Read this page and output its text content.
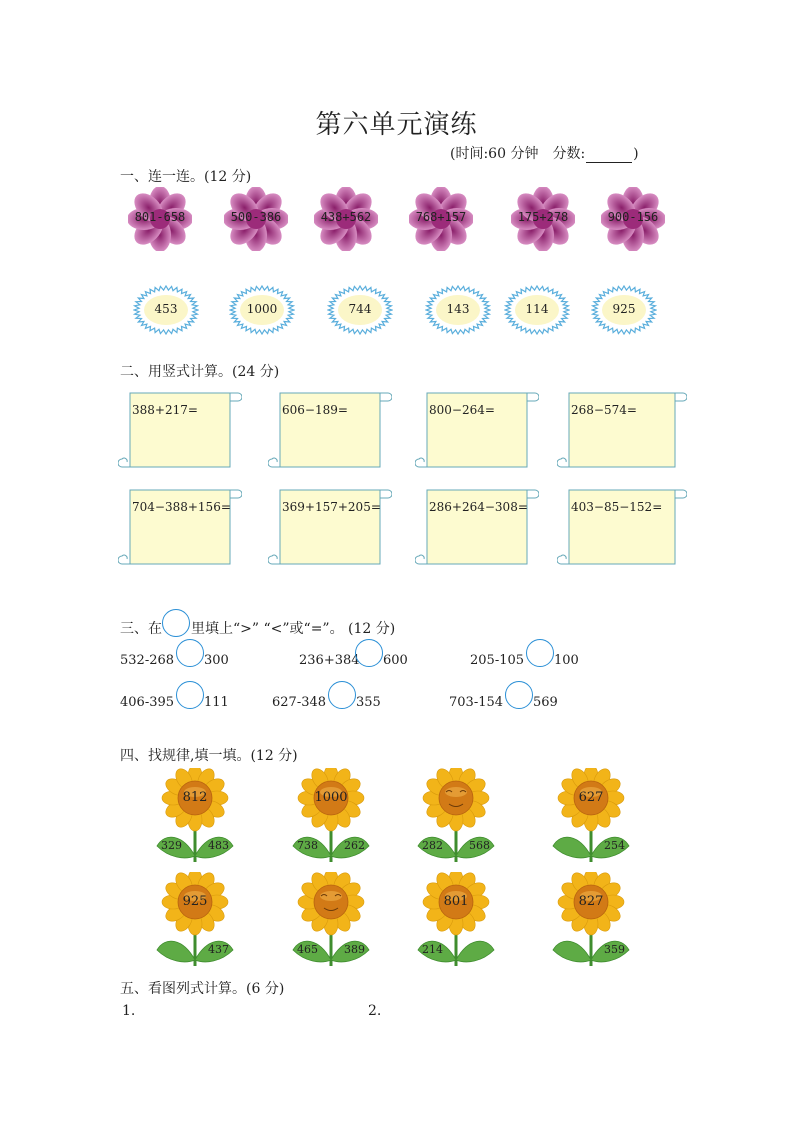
第六单元演练
(时间:60 分钟　分数:	)
一、连一连。(12 分)
801-658	500-386	438+562	768+157	175+278	900-156
453	1000	744	143	114	925
二、用竖式计算。(24 分)
388+217=	606−189=	800−264=	268−574=
704−388+156=	369+157+205=	286+264−308=	403−85−152=
三、在 里填上“>” “<”或“=”。 (12 分)
532-268 300	236+384 600	205-105 100
406-395 111	627-348 355	703-154 569
四、找规律,填一填。(12 分)
812
329 483
1000
738 262	282 568
627
254
925
437	465 389
801
214
827
359
五、看图列式计算。(6 分)
1.	2.
